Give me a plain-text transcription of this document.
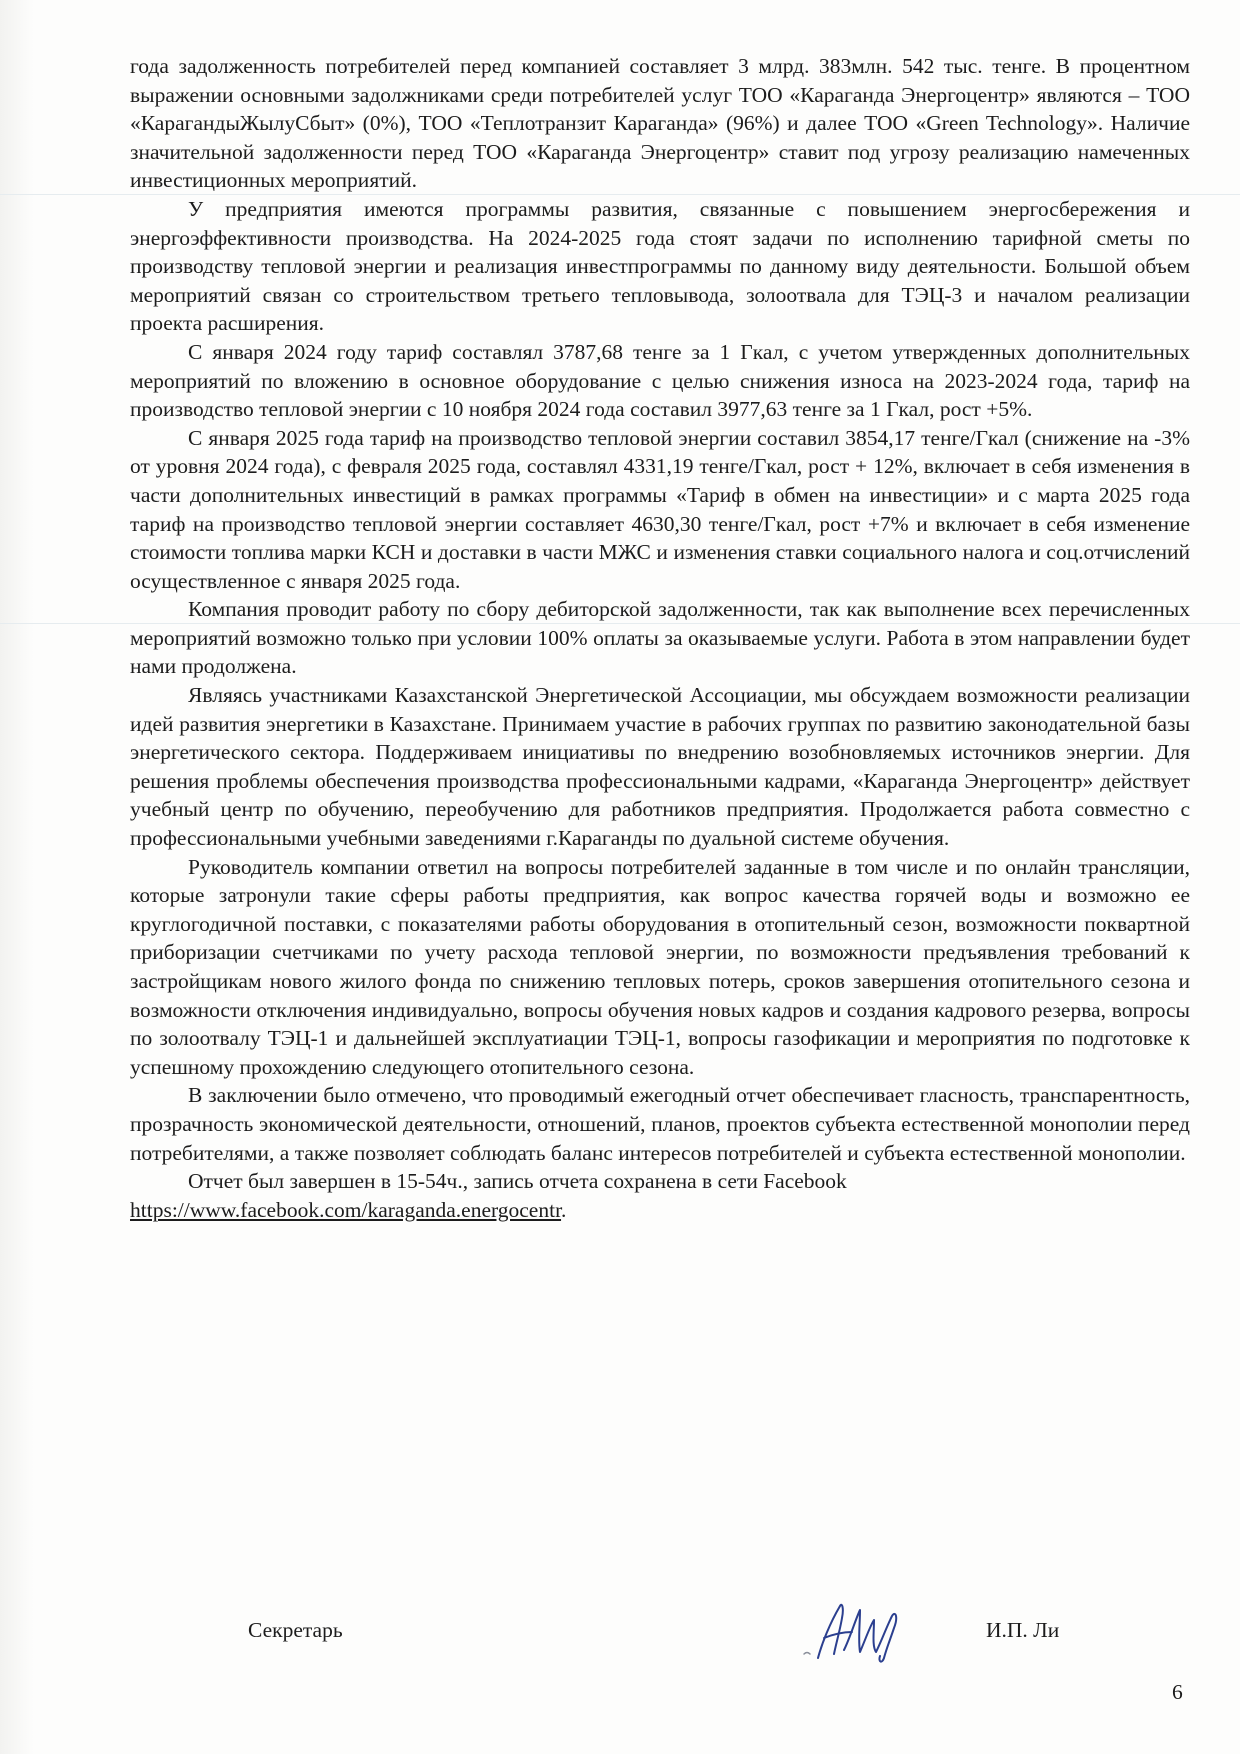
года задолженность потребителей перед компанией составляет 3 млрд. 383млн. 542 тыс. тенге. В процентном выражении основными задолжниками среди потребителей услуг ТОО «Караганда Энергоцентр» являются – ТОО «КарагандыЖылуСбыт» (0%), ТОО «Теплотранзит Караганда» (96%) и далее ТОО «Green Technology». Наличие значительной задолженности перед ТОО «Караганда Энергоцентр» ставит под угрозу реализацию намеченных инвестиционных мероприятий.

У предприятия имеются программы развития, связанные с повышением энергосбережения и энергоэффективности производства. На 2024-2025 года стоят задачи по исполнению тарифной сметы по производству тепловой энергии и реализация инвестпрограммы по данному виду деятельности. Большой объем мероприятий связан со строительством третьего тепловывода, золоотвала для ТЭЦ-3 и началом реализации проекта расширения.

С января 2024 году тариф составлял 3787,68 тенге за 1 Гкал, с учетом утвержденных дополнительных мероприятий по вложению в основное оборудование с целью снижения износа на 2023-2024 года, тариф на производство тепловой энергии с 10 ноября 2024 года составил 3977,63 тенге за 1 Гкал, рост +5%.

С января 2025 года тариф на производство тепловой энергии составил 3854,17 тенге/Гкал (снижение на -3% от уровня 2024 года), с февраля 2025 года, составлял 4331,19 тенге/Гкал, рост + 12%, включает в себя изменения в части дополнительных инвестиций в рамках программы «Тариф в обмен на инвестиции» и с марта 2025 года тариф на производство тепловой энергии составляет 4630,30 тенге/Гкал, рост +7% и включает в себя изменение стоимости топлива марки КСН и доставки в части МЖС и изменения ставки социального налога и соц.отчислений осуществленное с января 2025 года.

Компания проводит работу по сбору дебиторской задолженности, так как выполнение всех перечисленных мероприятий возможно только при условии 100% оплаты за оказываемые услуги. Работа в этом направлении будет нами продолжена.

Являясь участниками Казахстанской Энергетической Ассоциации, мы обсуждаем возможности реализации идей развития энергетики в Казахстане. Принимаем участие в рабочих группах по развитию законодательной базы энергетического сектора. Поддерживаем инициативы по внедрению возобновляемых источников энергии. Для решения проблемы обеспечения производства профессиональными кадрами, «Караганда Энергоцентр» действует учебный центр по обучению, переобучению для работников предприятия. Продолжается работа совместно с профессиональными учебными заведениями г.Караганды по дуальной системе обучения.

Руководитель компании ответил на вопросы потребителей заданные в том числе и по онлайн трансляции, которые затронули такие сферы работы предприятия, как вопрос качества горячей воды и возможно ее круглогодичной поставки, с показателями работы оборудования в отопительный сезон, возможности поквартной приборизации счетчиками по учету расхода тепловой энергии, по возможности предъявления требований к застройщикам нового жилого фонда по снижению тепловых потерь, сроков завершения отопительного сезона и возможности отключения индивидуально, вопросы обучения новых кадров и создания кадрового резерва, вопросы по золоотвалу ТЭЦ-1 и дальнейшей эксплуатиации ТЭЦ-1, вопросы газофикации и мероприятия по подготовке к успешному прохождению следующего отопительного сезона.

В заключении было отмечено, что проводимый ежегодный отчет обеспечивает гласность, транспарентность, прозрачность экономической деятельности, отношений, планов, проектов субъекта естественной монополии перед потребителями, а также позволяет соблюдать баланс интересов потребителей и субъекта естественной монополии.

Отчет был завершен в 15-54ч., запись отчета сохранена в сети Facebook

https://www.facebook.com/karaganda.energocentr.

Секретарь	И.П. Ли
6
